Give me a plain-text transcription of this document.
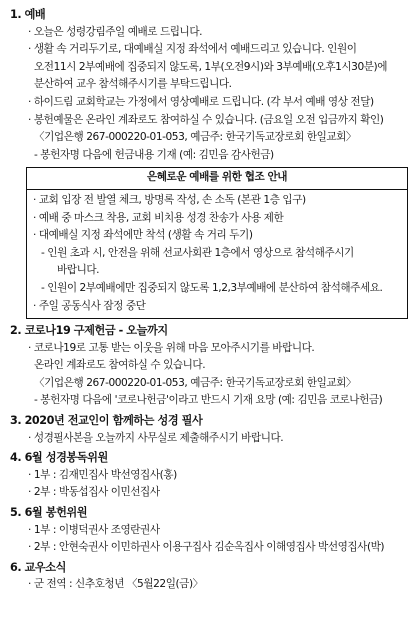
1. 예배
· 오늘은 성령강림주일 예배로 드립니다.
· 생활 속 거리두기로, 대예배실 지정 좌석에서 예배드리고 있습니다. 인원이
오전11시 2부예배에 집중되지 않도록, 1부(오전9시)와 3부예배(오후1시30분)에
분산하여 교우 참석해주시기를 부탁드립니다.
· 하이드림 교회학교는 가정에서 영상예배로 드립니다. (각 부서 예배 영상 전달)
· 봉헌예물은 온라인 계좌로도 참여하실 수 있습니다. (금요일 오전 입금까지 확인)
〈기업은행 267-000220-01-053, 예금주: 한국기독교장로회 한일교회〉
- 봉헌자명 다음에 헌금내용 기재 (예: 김민음 감사헌금)
은혜로운 예배를 위한 협조 안내
· 교회 입장 전 발열 체크, 방명록 작성, 손 소독 (본관 1층 입구)
· 예배 중 마스크 착용, 교회 비치용 성경 찬송가 사용 제한
· 대예배실 지정 좌석에만 착석 (생활 속 거리 두기)
- 인원 초과 시, 안전을 위해 선교사회관 1층에서 영상으로 참석해주시기
바랍니다.
- 인원이 2부예배에만 집중되지 않도록 1,2,3부예배에 분산하여 참석해주세요.
· 주일 공동식사 잠정 중단
2. 코로나19 구제헌금 - 오늘까지
· 코로나19로 고통 받는 이웃을 위해 마음 모아주시기를 바랍니다.
온라인 계좌로도 참여하실 수 있습니다.
〈기업은행 267-000220-01-053, 예금주: 한국기독교장로회 한일교회〉
- 봉헌자명 다음에 '코로나헌금'이라고 반드시 기재 요망 (예: 김민음 코로나헌금)
3. 2020년 전교인이 함께하는 성경 필사
· 성경필사본을 오늘까지 사무실로 제출해주시기 바랍니다.
4. 6월 성경봉독위원
· 1부 : 김재민집사 박선영집사(홍)
· 2부 : 박동섭집사 이민선집사
5. 6월 봉헌위원
· 1부 : 이병덕권사 조영란권사
· 2부 : 안현숙권사 이민하권사 이용구집사 김순옥집사 이해영집사 박선영집사(박)
6. 교우소식
· 군 전역 : 신추호청년 〈5월22일(금)〉
